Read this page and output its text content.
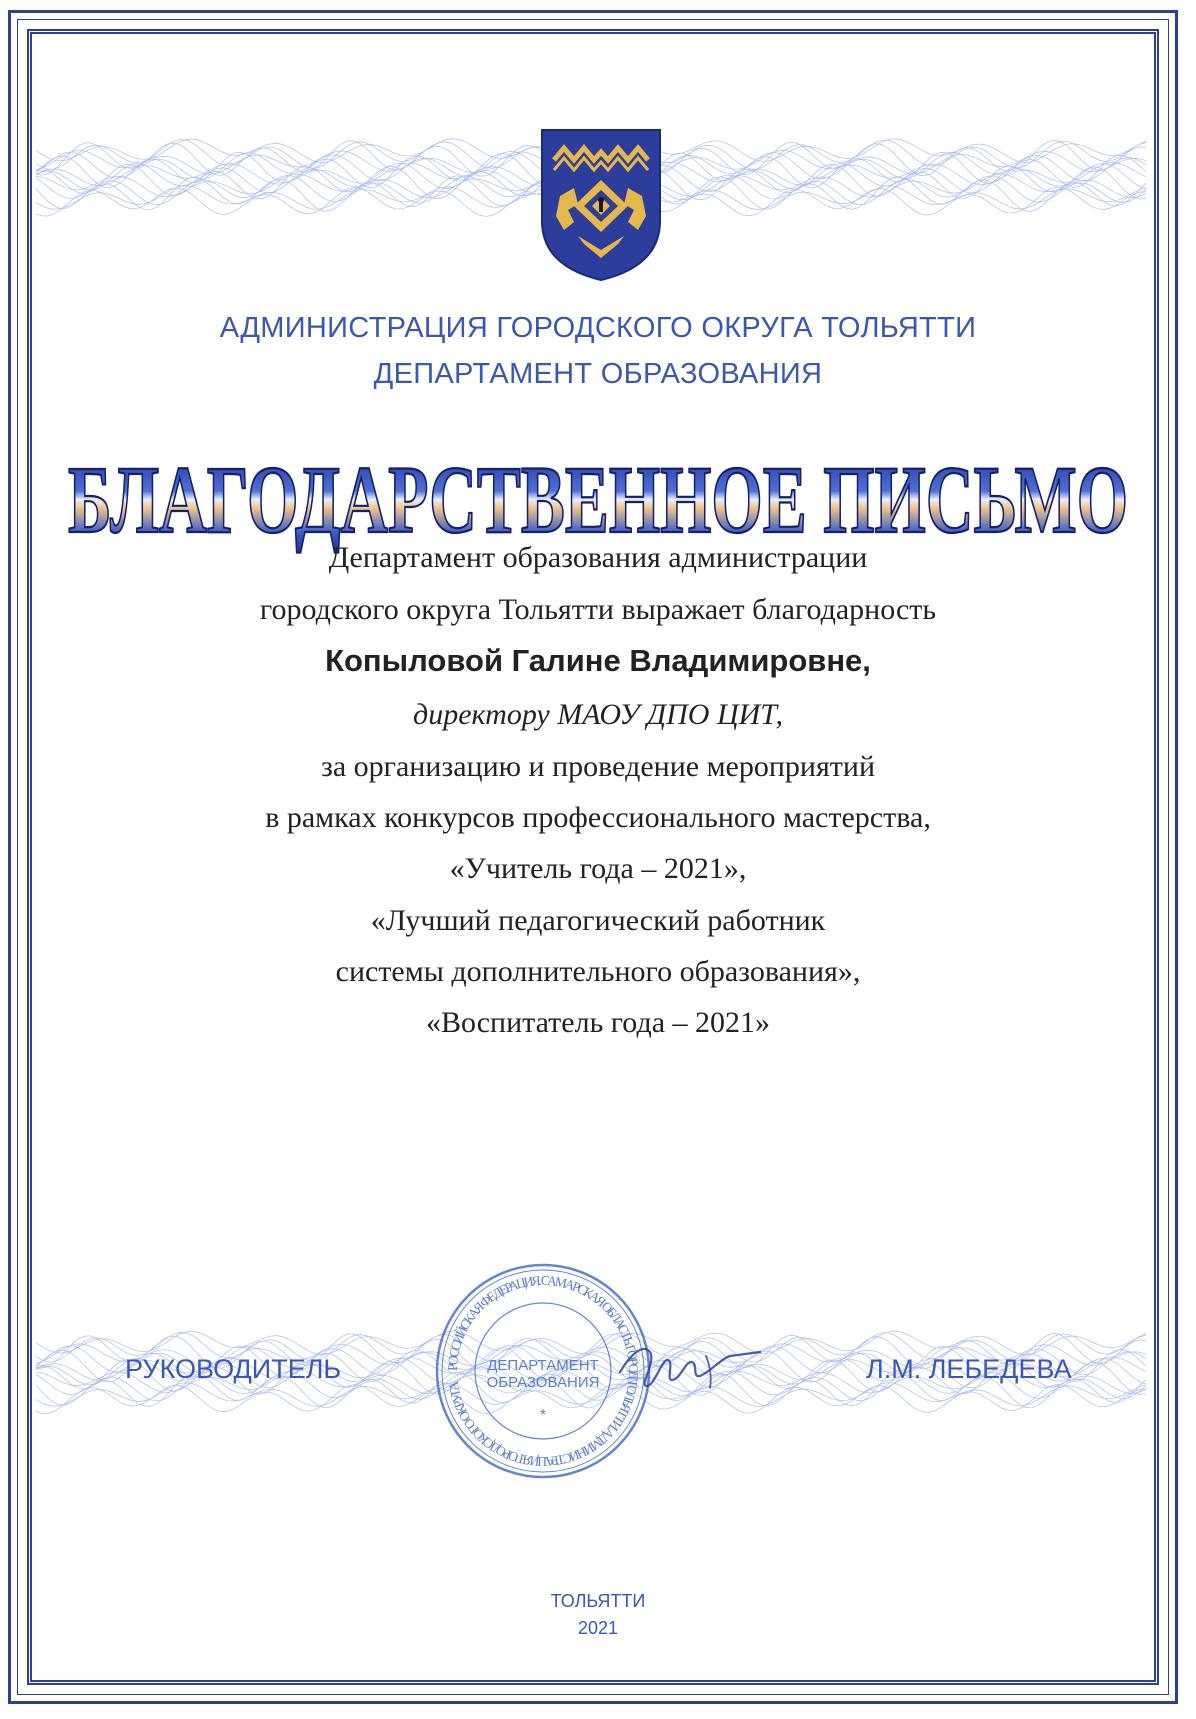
АДМИНИСТРАЦИЯ ГОРОДСКОГО ОКРУГА ТОЛЬЯТТИ
ДЕПАРТАМЕНТ ОБРАЗОВАНИЯ
БЛАГОДАРСТВЕННОЕ ПИСЬМО
Департамент образования администрации
городского округа Тольятти выражает благодарность
Копыловой Галине Владимировне,
директору МАОУ ДПО ЦИТ,
за организацию и проведение мероприятий
в рамках конкурсов профессионального мастерства,
«Учитель года – 2021»,
«Лучший педагогический работник
системы дополнительного образования»,
«Воспитатель года – 2021»
РУКОВОДИТЕЛЬ	Л.М. ЛЕБЕДЕВА
РОССИЙСКАЯ ФЕДЕРАЦИЯ. САМАРСКАЯ ОБЛАСТЬ. ГОРОД ТОЛЬЯТТИ. АДМИНИСТРАЦИЯ ГОРОДСКОГО ОКРУГА
ДЕПАРТАМЕНТ
ОБРАЗОВАНИЯ
*
ТОЛЬЯТТИ
2021
